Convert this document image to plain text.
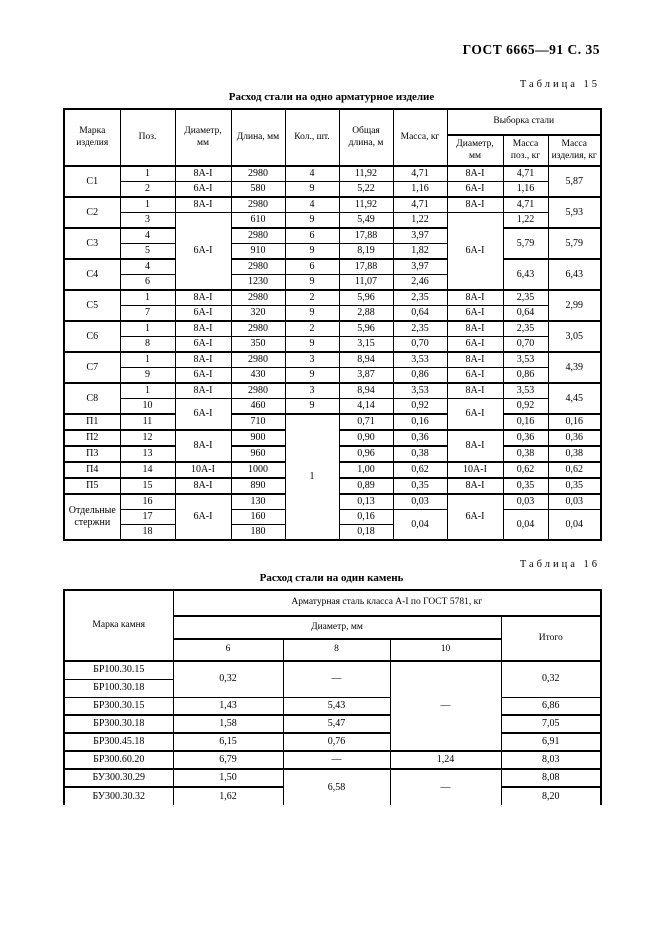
ГОСТ 6665—91 С. 35
Таблица 15
Расход стали на одно арматурное изделие
Марка изделия	Поз.	Диаметр, мм	Длина, мм	Кол., шт.	Общая длина, м	Масса, кг	Выборка стали		
							Диаметр, мм	Масса поз., кг	Масса изделия, кг
С1	1	8А-I	2980	4	11,92	4,71	8А-I	4,71	5,87
	2	6А-I	580	9	5,22	1,16	6А-I	1,16	
С2	1	8А-I	2980	4	11,92	4,71	8А-I	4,71	5,93
	3	6А-I	610	9	5,49	1,22	6А-I	1,22	
С3	4		2980	6	17,88	3,97		5,79	5,79
	5		910	9	8,19	1,82			
С4	4		2980	6	17,88	3,97		6,43	6,43
	6		1230	9	11,07	2,46			
С5	1	8А-I	2980	2	5,96	2,35	8А-I	2,35	2,99
	7	6А-I	320	9	2,88	0,64	6А-I	0,64	
С6	1	8А-I	2980	2	5,96	2,35	8А-I	2,35	3,05
	8	6А-I	350	9	3,15	0,70	6А-I	0,70	
С7	1	8А-I	2980	3	8,94	3,53	8А-I	3,53	4,39
	9	6А-I	430	9	3,87	0,86	6А-I	0,86	
С8	1	8А-I	2980	3	8,94	3,53	8А-I	3,53	4,45
	10	6А-I	460	9	4,14	0,92	6А-I	0,92	
П1	11		710	1	0,71	0,16		0,16	0,16
П2	12	8А-I	900		0,90	0,36	8А-I	0,36	0,36
П3	13		960		0,96	0,38		0,38	0,38
П4	14	10А-I	1000		1,00	0,62	10А-I	0,62	0,62
П5	15	8А-I	890		0,89	0,35	8А-I	0,35	0,35
Отдельные стержни	16	6А-I	130		0,13	0,03	6А-I	0,03	0,03
	17		160		0,16	0,04		0,04	0,04
	18		180		0,18				
Таблица 16
Расход стали на один камень
Марка камня	Арматурная сталь класса А-I по ГОСТ 5781, кг			
	Диаметр, мм			Итого
	6	8	10	
БР100.30.15	0,32	—	—	0,32
БР100.30.18				
БР300.30.15	1,43	5,43		6,86
БР300.30.18	1,58	5,47		7,05
БР300.45.18	6,15	0,76		6,91
БР300.60.20	6,79	—	1,24	8,03
БУ300.30.29	1,50	6,58	—	8,08
БУ300.30.32	1,62			8,20
